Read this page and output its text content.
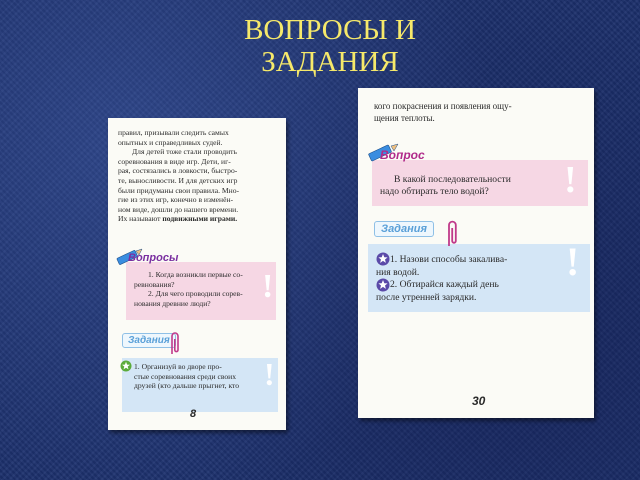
ВОПРОСЫ И
ЗАДАНИЯ
правил, призывали следить самых
опытных и справедливых судей.
Для детей тоже стали проводить
соревнования в виде игр. Дети, иг-
рая, состязались в ловкости, быстро-
те, выносливости. И для детских игр
были придуманы свои правила. Мно-
гие из этих игр, конечно в изменён-
ном виде, дошли до нашего времени.
Их называют подвижными играми.
Вопросы
1. Когда возникли первые со-
ревнования?
2. Для чего проводили сорев-
нования древние люди?	!
Задания
1. Организуй во дворе про-
стые соревнования среди своих
друзей (кто дальше прыгнет, кто !
8
кого покраснения и появления ощу-
щения теплоты.
Вопрос
В какой последовательности
надо обтирать тело водой?	!
Задания
1. Назови способы закалива-
ния водой.
2. Обтирайся каждый день
после утренней зарядки.
!
30
